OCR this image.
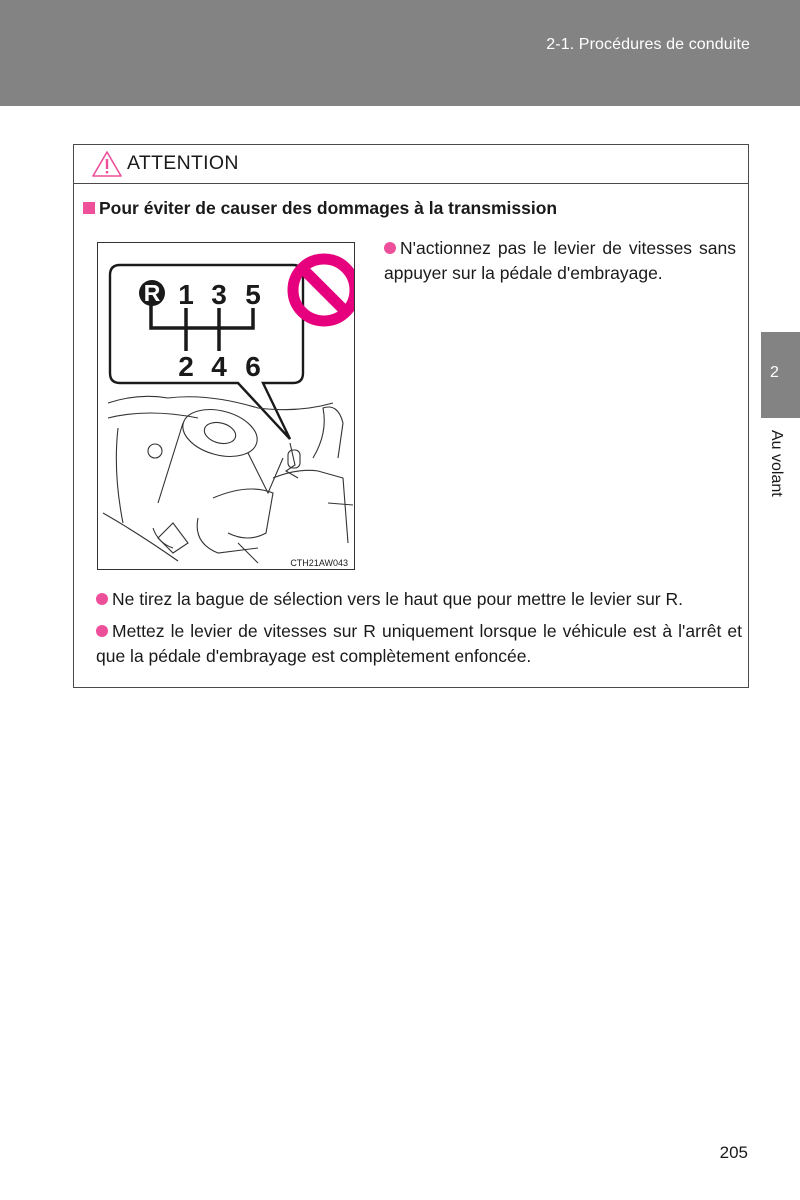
2-1. Procédures de conduite
2
Au volant
ATTENTION
Pour éviter de causer des dommages à la transmission
R 1 3 5
2 4 6
CTH21AW043
N'actionnez pas le levier de vitesses sans appuyer sur la pédale d'embrayage.
Ne tirez la bague de sélection vers le haut que pour mettre le levier sur R.
Mettez le levier de vitesses sur R uniquement lorsque le véhicule est à l'arrêt et que la pédale d'embrayage est complètement enfoncée.
205
